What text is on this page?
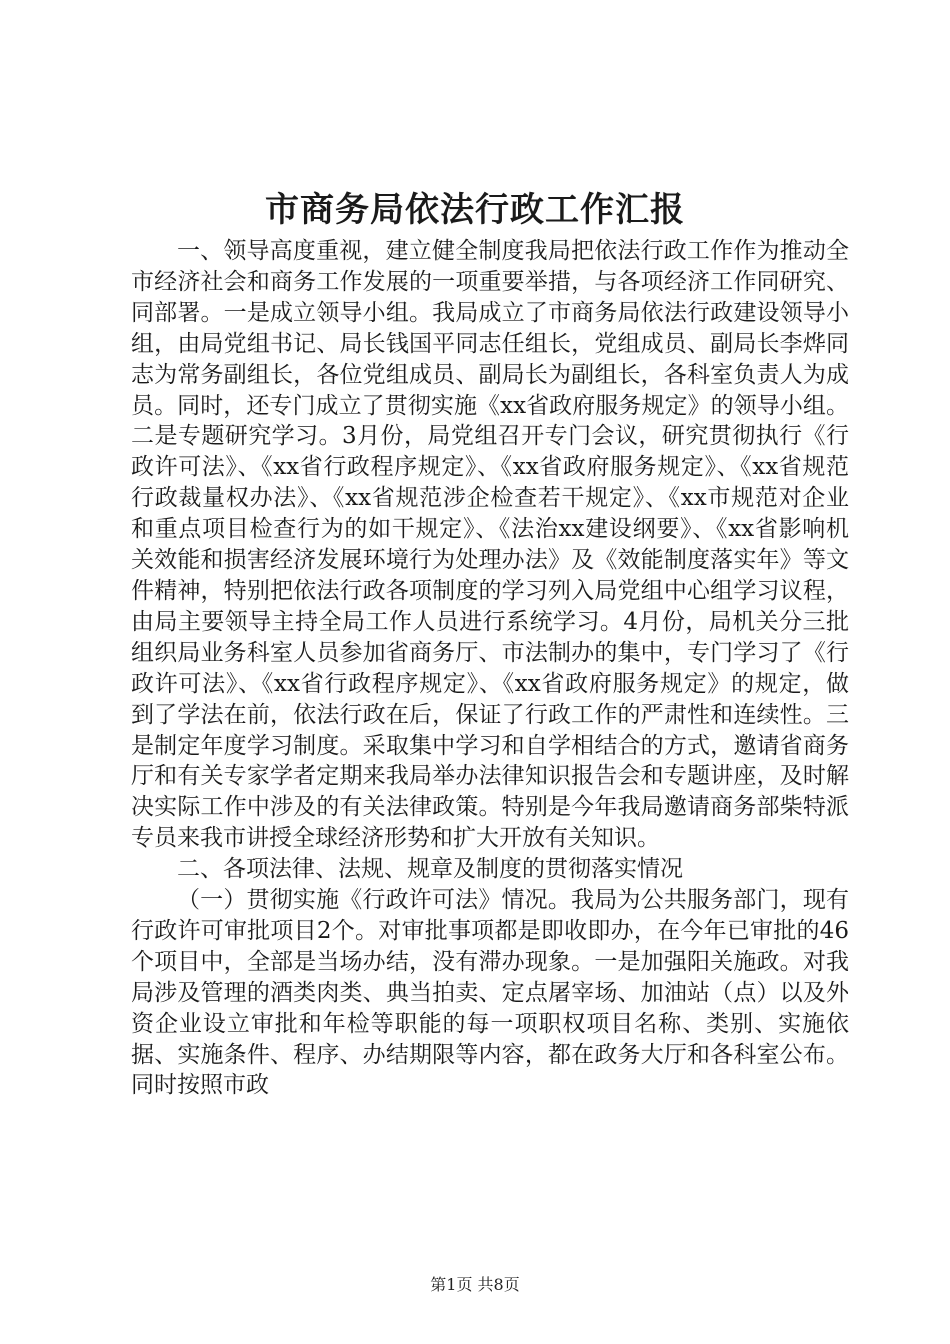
市商务局依法行政工作汇报

一、领导高度重视，建立健全制度我局把依法行政工作作为推动全市经济社会和商务工作发展的一项重要举措，与各项经济工作同研究、同部署。一是成立领导小组。我局成立了市商务局依法行政建设领导小组，由局党组书记、局长钱国平同志任组长，党组成员、副局长李烨同志为常务副组长，各位党组成员、副局长为副组长，各科室负责人为成员。同时，还专门成立了贯彻实施《xx省政府服务规定》的领导小组。二是专题研究学习。3月份，局党组召开专门会议，研究贯彻执行《行政许可法》、《xx省行政程序规定》、《xx省政府服务规定》、《xx省规范行政裁量权办法》、《xx省规范涉企检查若干规定》、《xx市规范对企业和重点项目检查行为的如干规定》、《法治xx建设纲要》、《xx省影响机关效能和损害经济发展环境行为处理办法》及《效能制度落实年》等文件精神，特别把依法行政各项制度的学习列入局党组中心组学习议程，由局主要领导主持全局工作人员进行系统学习。4月份，局机关分三批组织局业务科室人员参加省商务厅、市法制办的集中，专门学习了《行政许可法》、《xx省行政程序规定》、《xx省政府服务规定》的规定，做到了学法在前，依法行政在后，保证了行政工作的严肃性和连续性。三是制定年度学习制度。采取集中学习和自学相结合的方式，邀请省商务厅和有关专家学者定期来我局举办法律知识报告会和专题讲座，及时解决实际工作中涉及的有关法律政策。特别是今年我局邀请商务部柴特派专员来我市讲授全球经济形势和扩大开放有关知识。

二、各项法律、法规、规章及制度的贯彻落实情况

（一）贯彻实施《行政许可法》情况。我局为公共服务部门，现有行政许可审批项目2个。对审批事项都是即收即办，在今年已审批的46个项目中，全部是当场办结，没有滞办现象。一是加强阳关施政。对我局涉及管理的酒类肉类、典当拍卖、定点屠宰场、加油站（点）以及外资企业设立审批和年检等职能的每一项职权项目名称、类别、实施依据、实施条件、程序、办结期限等内容，都在政务大厅和各科室公布。同时按照市政

第1页 共8页
